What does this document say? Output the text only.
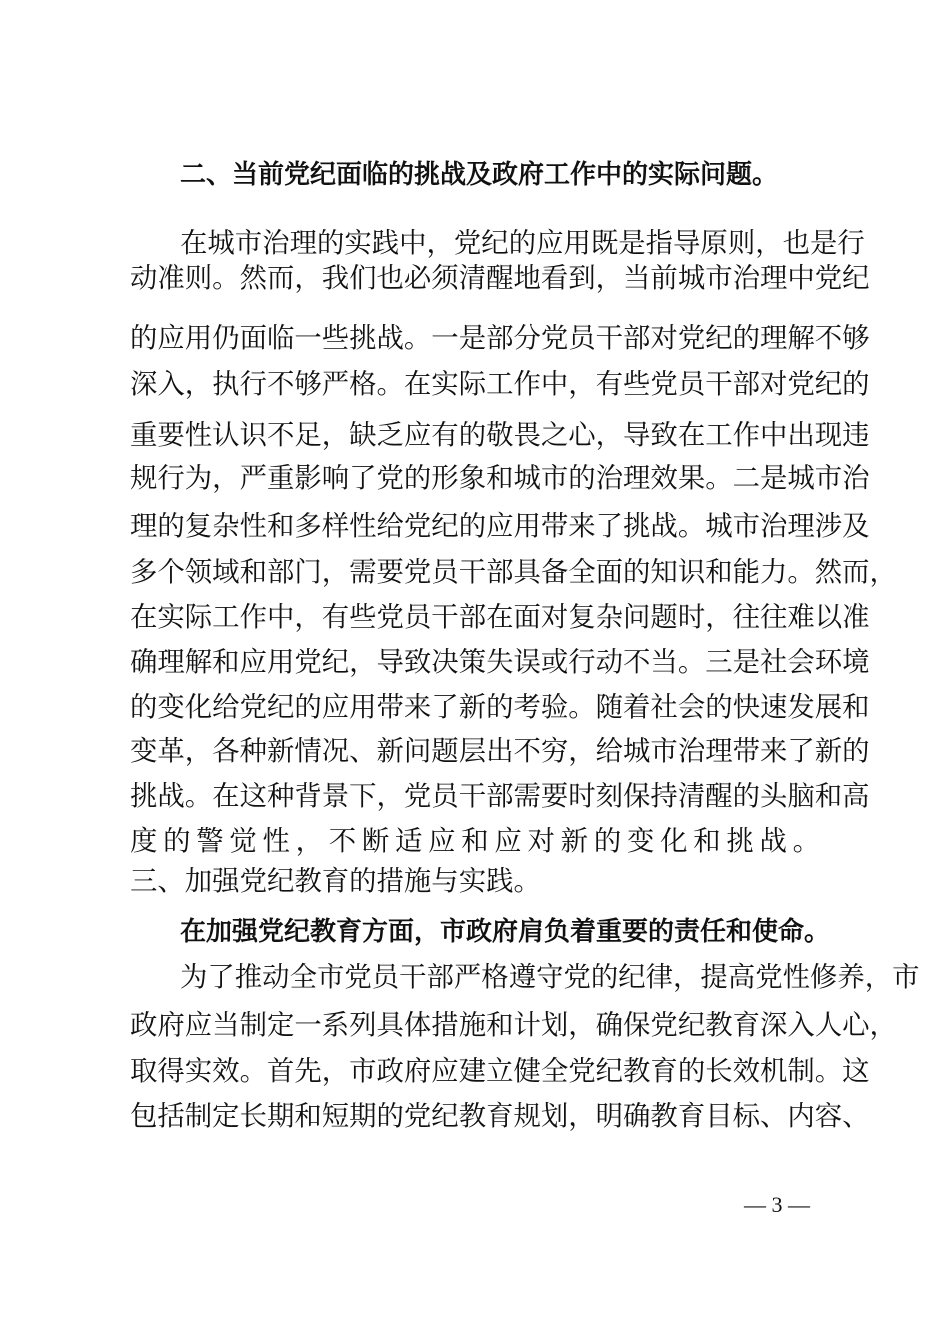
二、当前党纪面临的挑战及政府工作中的实际问题。
在城市治理的实践中，党纪的应用既是指导原则，也是行
动准则。然而，我们也必须清醒地看到，当前城市治理中党纪
的应用仍面临一些挑战。一是部分党员干部对党纪的理解不够
深入，执行不够严格。在实际工作中，有些党员干部对党纪的
重要性认识不足，缺乏应有的敬畏之心，导致在工作中出现违
规行为，严重影响了党的形象和城市的治理效果。二是城市治
理的复杂性和多样性给党纪的应用带来了挑战。城市治理涉及
多个领域和部门，需要党员干部具备全面的知识和能力。然而，
在实际工作中，有些党员干部在面对复杂问题时，往往难以准
确理解和应用党纪，导致决策失误或行动不当。三是社会环境
的变化给党纪的应用带来了新的考验。随着社会的快速发展和
变革，各种新情况、新问题层出不穷，给城市治理带来了新的
挑战。在这种背景下，党员干部需要时刻保持清醒的头脑和高
度的警觉性，不断适应和应对新的变化和挑战。
三、加强党纪教育的措施与实践。
在加强党纪教育方面，市政府肩负着重要的责任和使命。
为了推动全市党员干部严格遵守党的纪律，提高党性修养，市
政府应当制定一系列具体措施和计划，确保党纪教育深入人心，
取得实效。首先，市政府应建立健全党纪教育的长效机制。这
包括制定长期和短期的党纪教育规划，明确教育目标、内容、
— 3 —
